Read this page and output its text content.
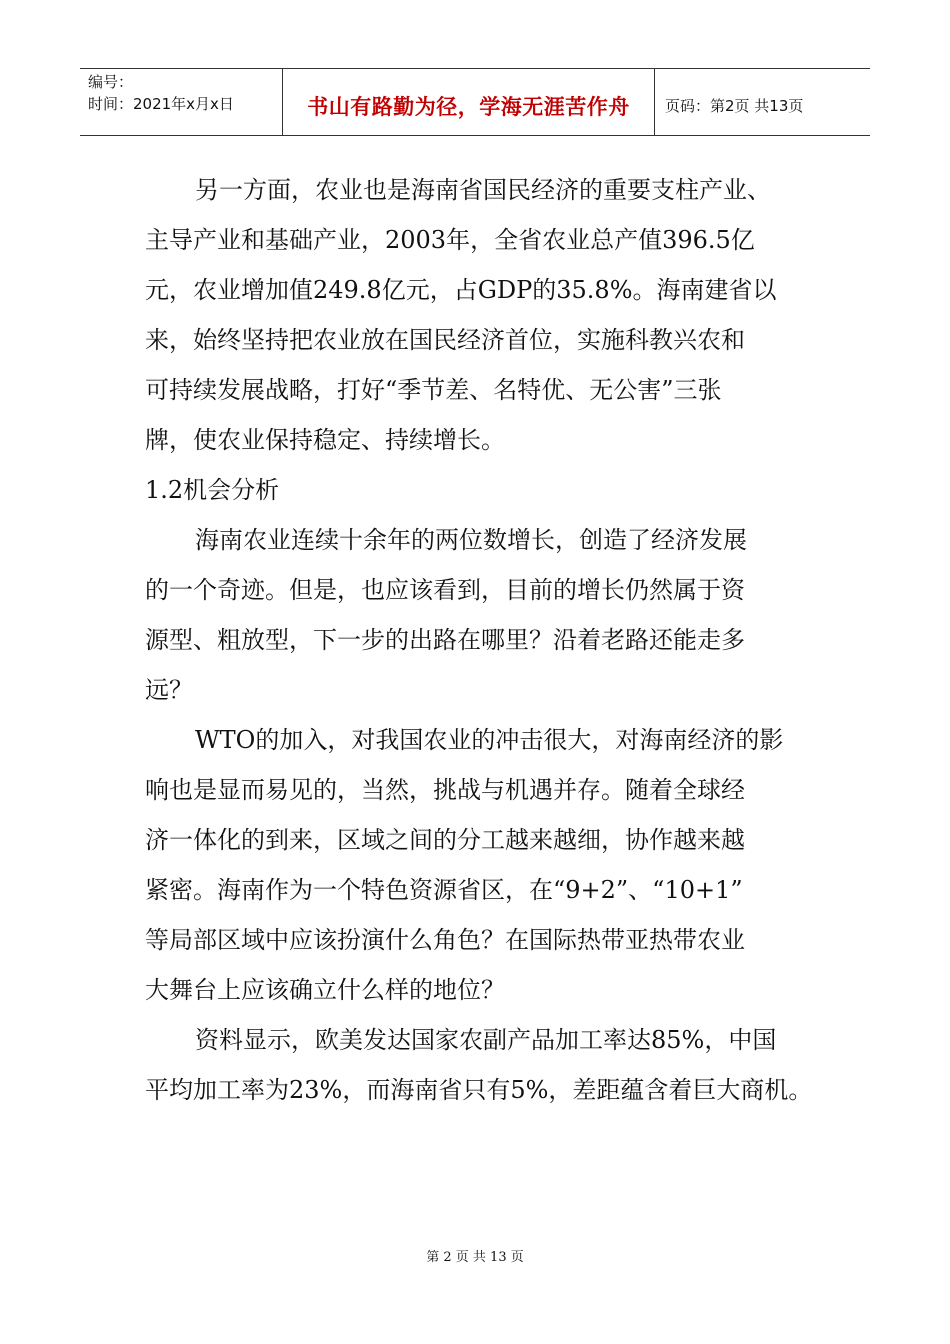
编号：
时间：2021年x月x日	书山有路勤为径，学海无涯苦作舟 页码：第2页 共13页
另一方面，农业也是海南省国民经济的重要支柱产业、
主导产业和基础产业，2003年，全省农业总产值396.5亿
元，农业增加值249.8亿元，占GDP的35.8%。海南建省以
来，始终坚持把农业放在国民经济首位，实施科教兴农和
可持续发展战略，打好“季节差、名特优、无公害”三张
牌，使农业保持稳定、持续增长。
1.2机会分析
海南农业连续十余年的两位数增长，创造了经济发展
的一个奇迹。但是，也应该看到，目前的增长仍然属于资
源型、粗放型，下一步的出路在哪里？沿着老路还能走多
远？
WTO的加入，对我国农业的冲击很大，对海南经济的影
响也是显而易见的，当然，挑战与机遇并存。随着全球经
济一体化的到来，区域之间的分工越来越细，协作越来越
紧密。海南作为一个特色资源省区，在“9+2”、“10+1”
等局部区域中应该扮演什么角色？在国际热带亚热带农业
大舞台上应该确立什么样的地位？
资料显示，欧美发达国家农副产品加工率达85%，中国
平均加工率为23%，而海南省只有5%，差距蕴含着巨大商机。
第 2 页 共 13 页
